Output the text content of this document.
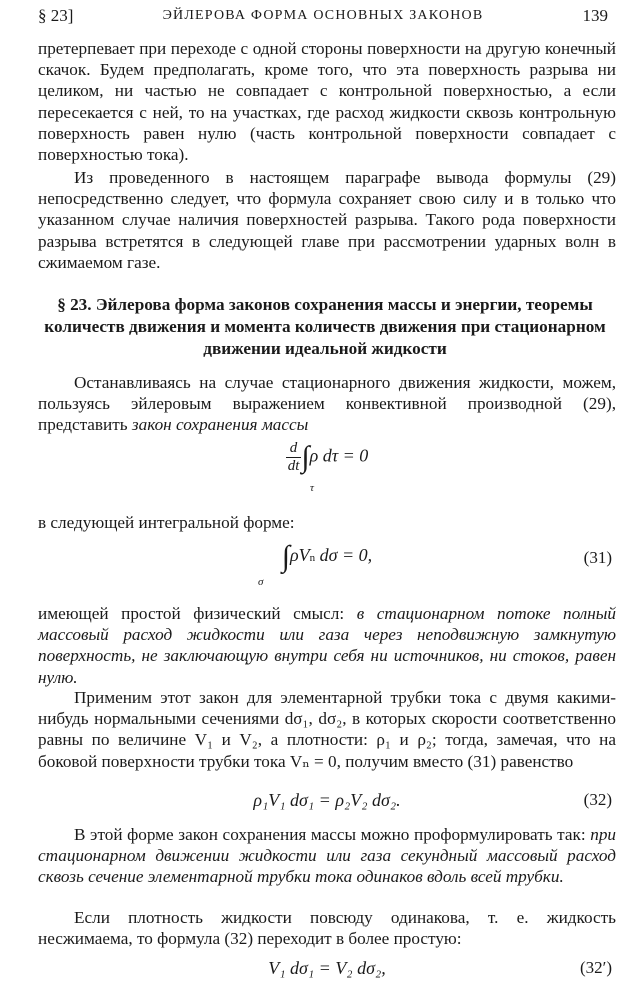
§ 23]	ЭЙЛЕРОВА ФОРМА ОСНОВНЫХ ЗАКОНОВ	139

претерпевает при переходе с одной стороны поверхности на другую конечный скачок. Будем предполагать, кроме того, что эта поверхность разрыва ни целиком, ни частью не совпадает с контрольной поверхностью, а если пересекается с ней, то на участках, где расход жидкости сквозь контрольную поверхность равен нулю (часть контрольной поверхности совпадает с поверхностью тока).

Из проведенного в настоящем параграфе вывода формулы (29) непосредственно следует, что формула сохраняет свою силу и в только что указанном случае наличия поверхностей разрыва. Такого рода поверхности разрыва встретятся в следующей главе при рассмотрении ударных волн в сжимаемом газе.

§ 23. Эйлерова форма законов сохранения массы и энергии, теоремы количеств движения и момента количеств движения при стационарном движении идеальной жидкости

Останавливаясь на случае стационарного движения жидкости, можем, пользуясь эйлеровым выражением конвективной производной (29), представить закон сохранения массы

$\frac{d}{dt} \int\rho$ dτ = 0
τ

в следующей интегральной форме:

∫ρVn dσ = 0,
σ
(31)

имеющей простой физический смысл: в стационарном потоке полный массовый расход жидкости или газа через неподвижную замкнутую поверхность, не заключающую внутри себя ни источников, ни стоков, равен нулю.

Применим этот закон для элементарной трубки тока с двумя какими-нибудь нормальными сечениями dσ₁, dσ₂, в которых скорости соответственно равны по величине V₁ и V₂, а плотности: ρ₁ и ρ₂; тогда, замечая, что на боковой поверхности трубки тока Vₙ = 0, получим вместо (31) равенство

ρ₁V₁ dσ₁ = ρ₂V₂ dσ₂.	(32)

В этой форме закон сохранения массы можно проформулировать так: при стационарном движении жидкости или газа секундный массовый расход сквозь сечение элементарной трубки тока одинаков вдоль всей трубки.

Если плотность жидкости повсюду одинакова, т. е. жидкость несжимаема, то формула (32) переходит в более простую:

V₁ dσ₁ = V₂ dσ₂,	(32′)
